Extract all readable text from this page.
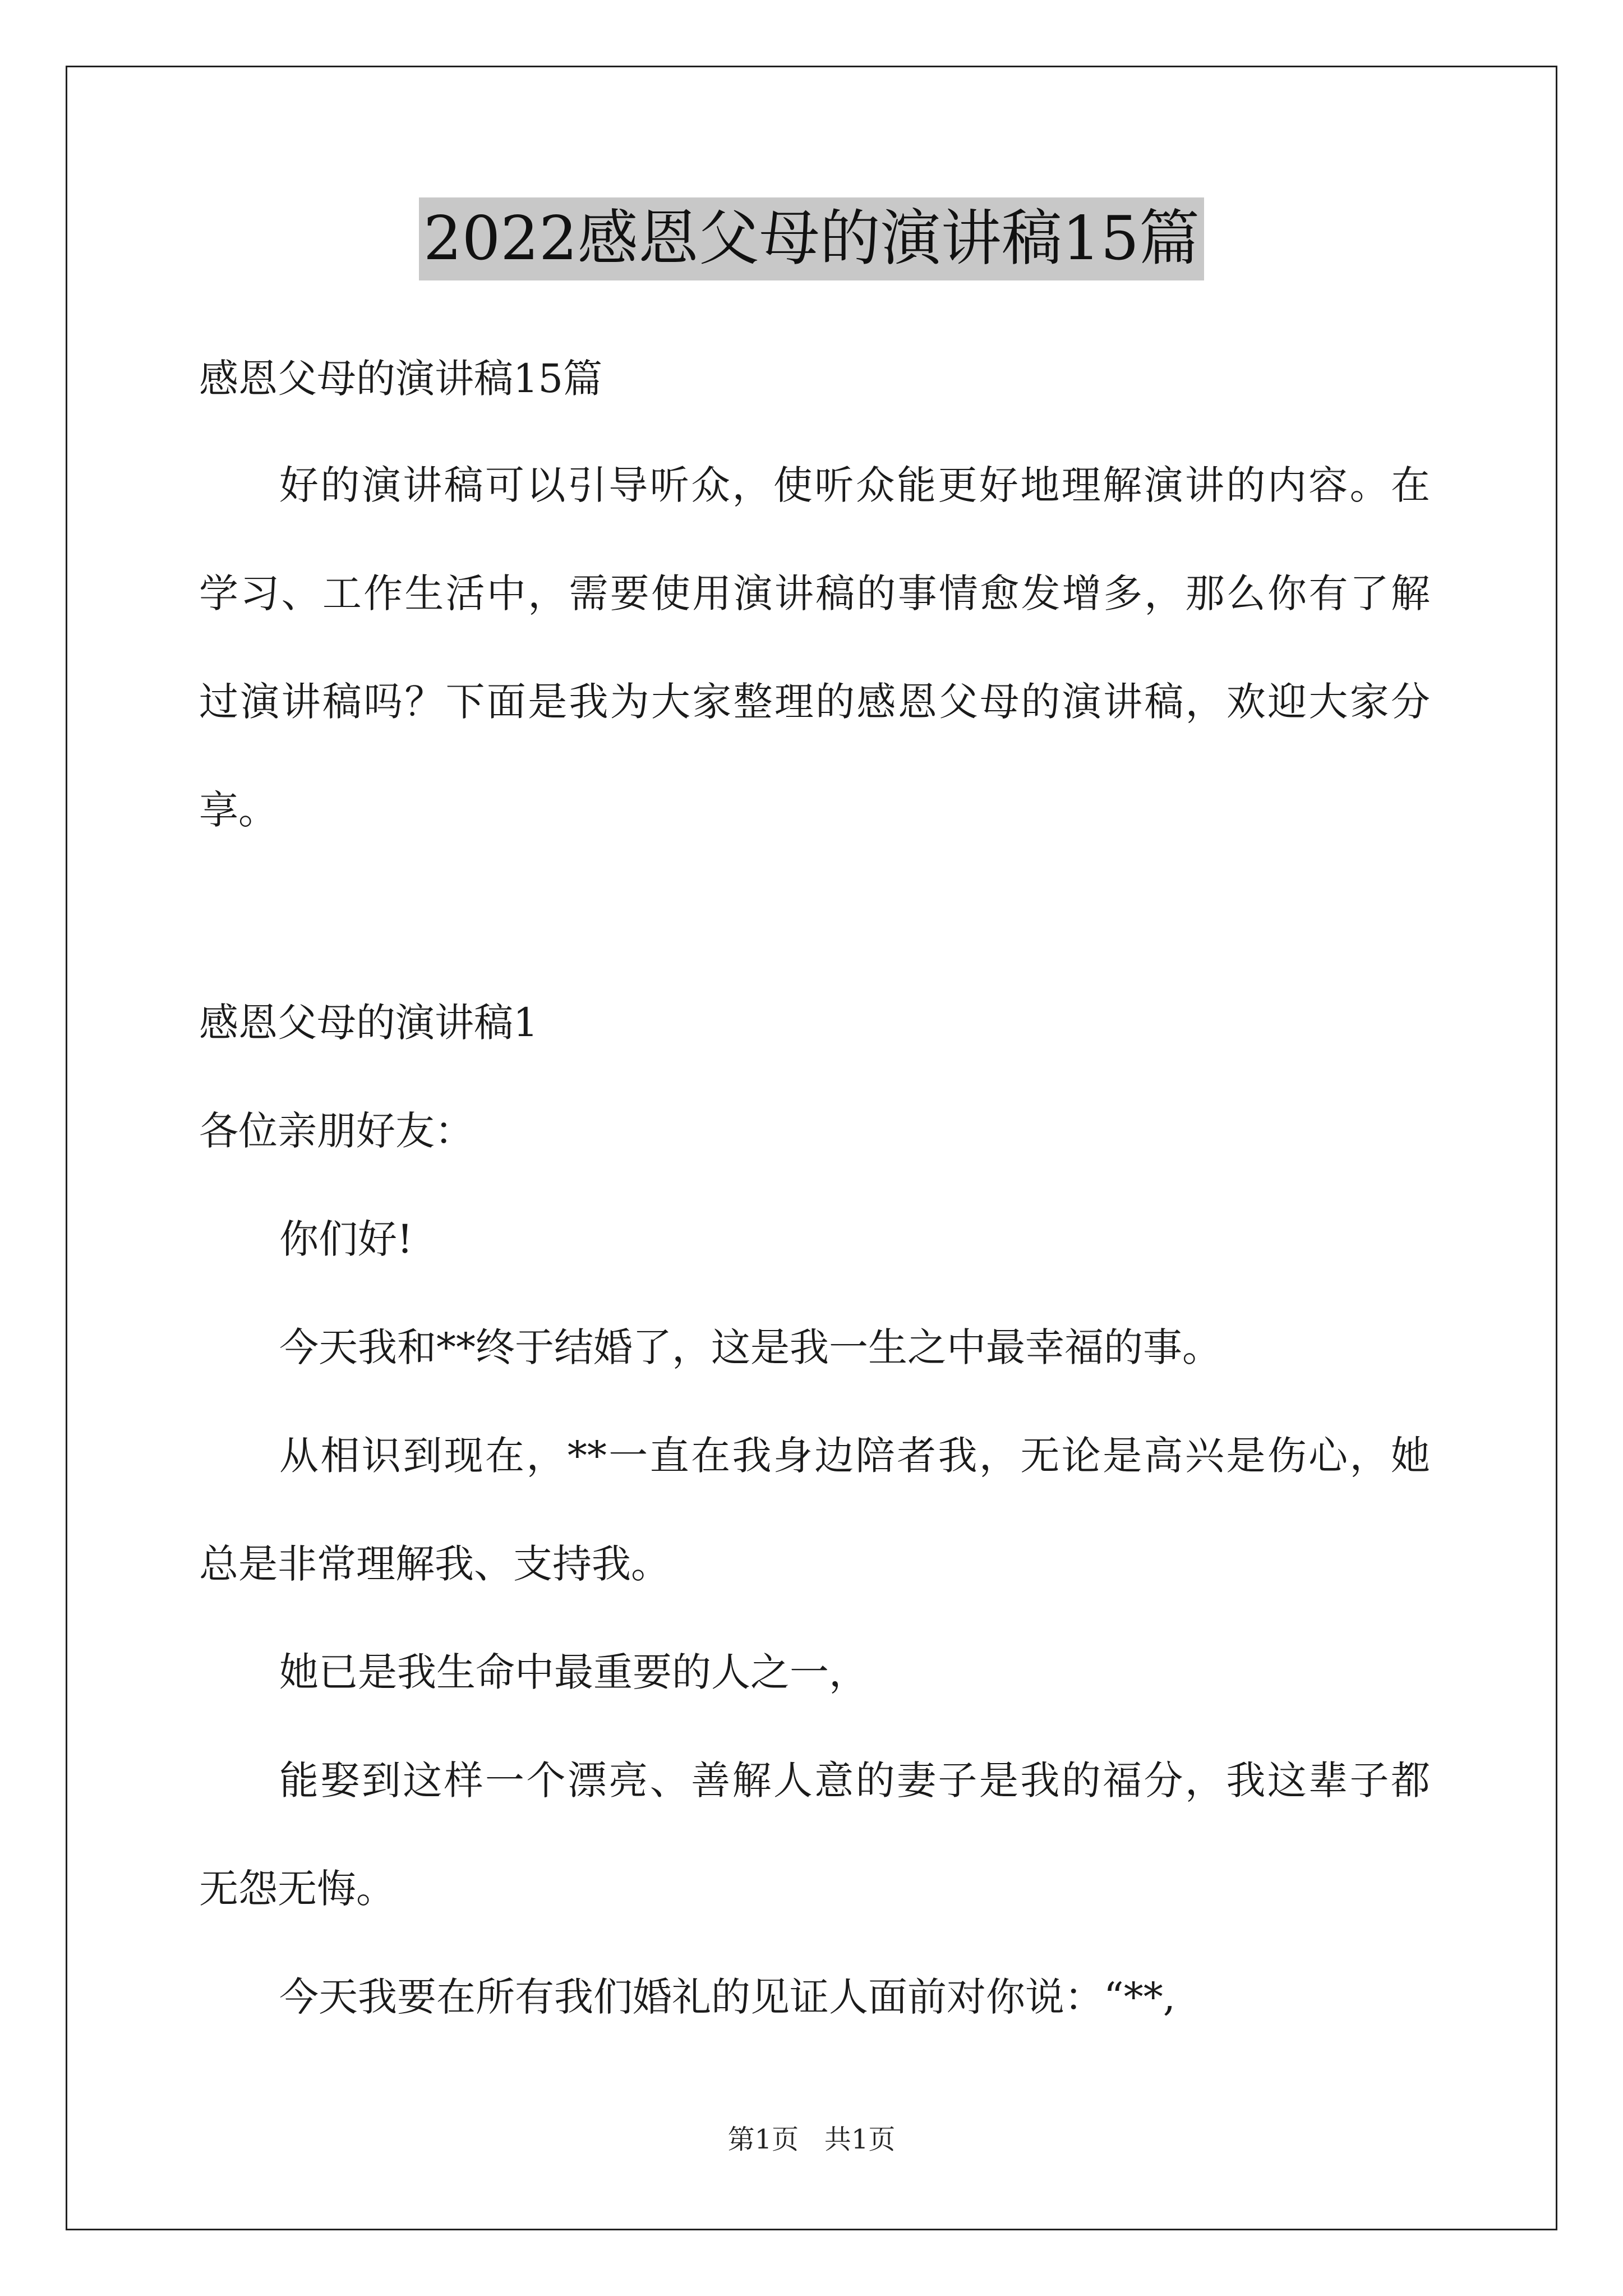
2022感恩父母的演讲稿15篇
感恩父母的演讲稿15篇
好的演讲稿可以引导听众，使听众能更好地理解演讲的内容。在
学习、工作生活中，需要使用演讲稿的事情愈发增多，那么你有了解
过演讲稿吗？下面是我为大家整理的感恩父母的演讲稿，欢迎大家分
享。
感恩父母的演讲稿1
各位亲朋好友：
你们好!
今天我和**终于结婚了，这是我一生之中最幸福的事。
从相识到现在，**一直在我身边陪者我，无论是高兴是伤心，她
总是非常理解我、支持我。
她已是我生命中最重要的人之一，
能娶到这样一个漂亮、善解人意的妻子是我的福分，我这辈子都
无怨无悔。
今天我要在所有我们婚礼的见证人面前对你说：“**,
第1页   共1页
